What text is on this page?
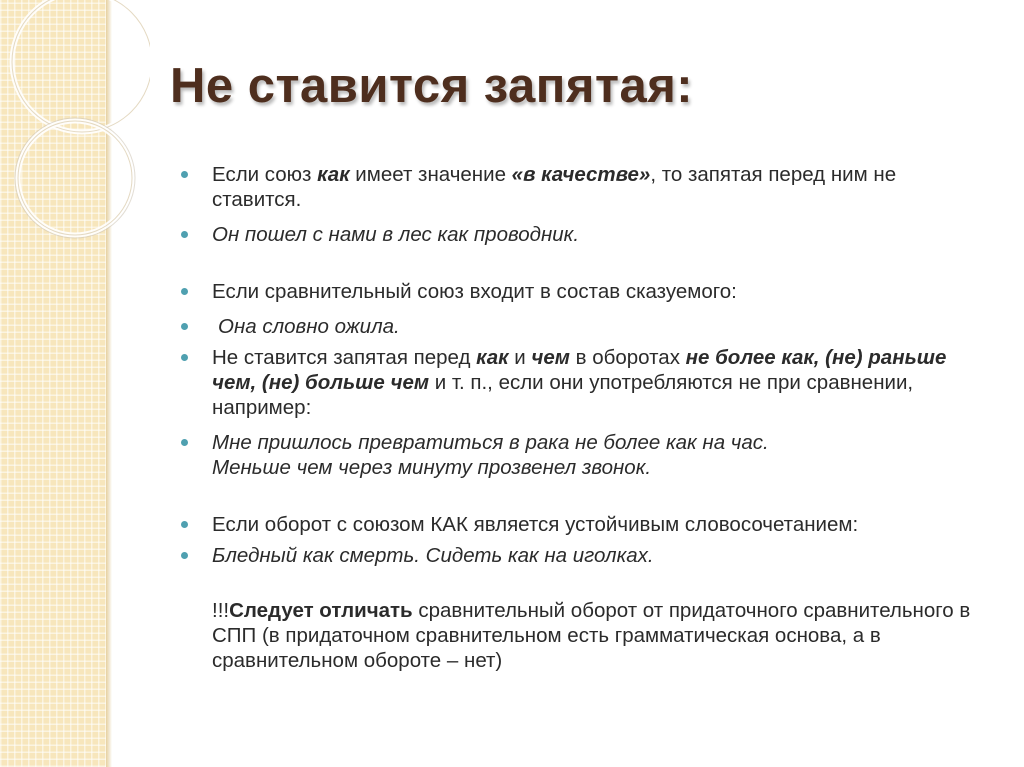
Не ставится запятая:
Если союз как имеет значение «в качестве», то запятая перед ним не ставится.
Он пошел с нами в лес как проводник.
Если сравнительный союз входит в состав сказуемого:
Она словно ожила.
Не ставится запятая перед как и чем в оборотах не более как, (не) раньше чем, (не) больше чем и т. п., если они употребляются не при сравнении, например:
Мне пришлось превратиться в рака не более как на час.
Меньше чем через минуту прозвенел звонок.
Если оборот с союзом КАК является устойчивым словосочетанием:
Бледный как смерть. Сидеть как на иголках.
!!!Следует отличать сравнительный оборот от придаточного сравнительного в СПП (в придаточном сравнительном есть грамматическая основа, а в сравнительном обороте – нет)
